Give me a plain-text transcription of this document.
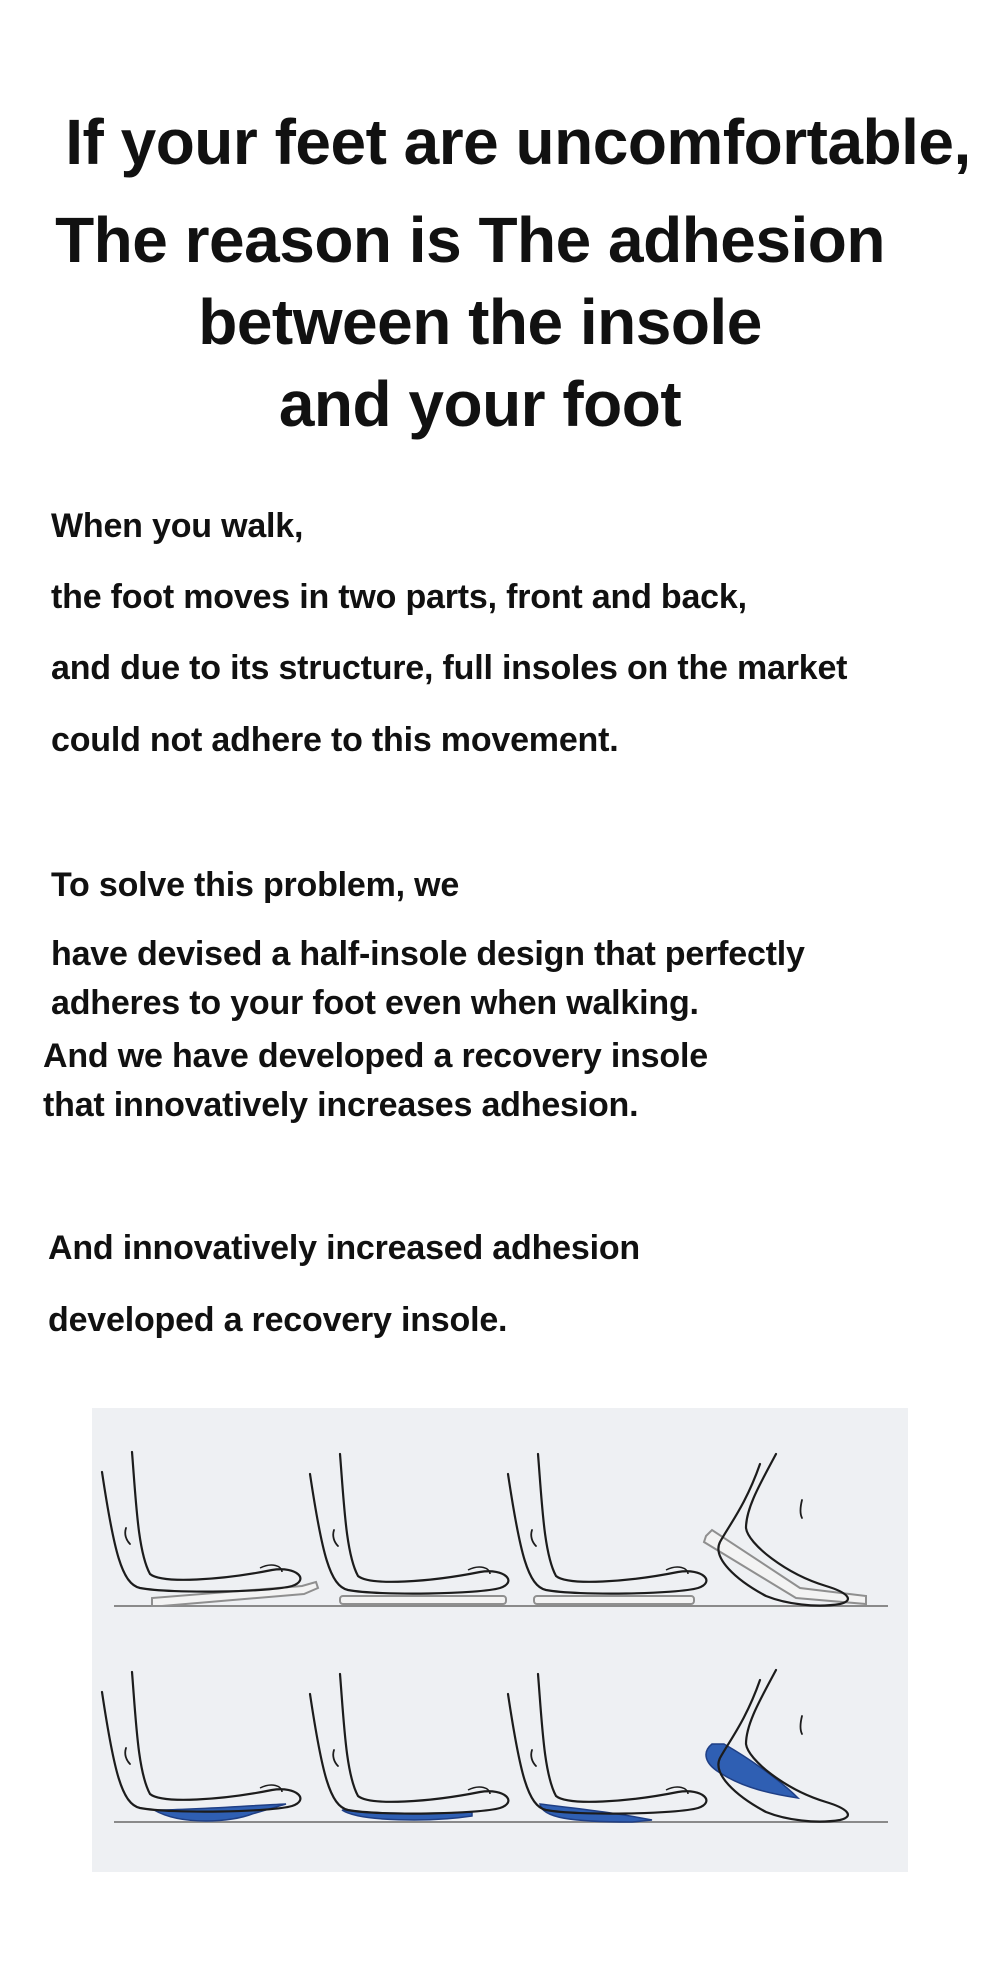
If your feet are uncomfortable,
The reason is The adhesion
between the insole
and your foot

When you walk,

the foot moves in two parts, front and back,

and due to its structure, full insoles on the market

could not adhere to this movement.

To solve this problem, we

have devised a half-insole design that perfectly

adheres to your foot even when walking.

And we have developed a recovery insole

that innovatively increases adhesion.

And innovatively increased adhesion

developed a recovery insole.
